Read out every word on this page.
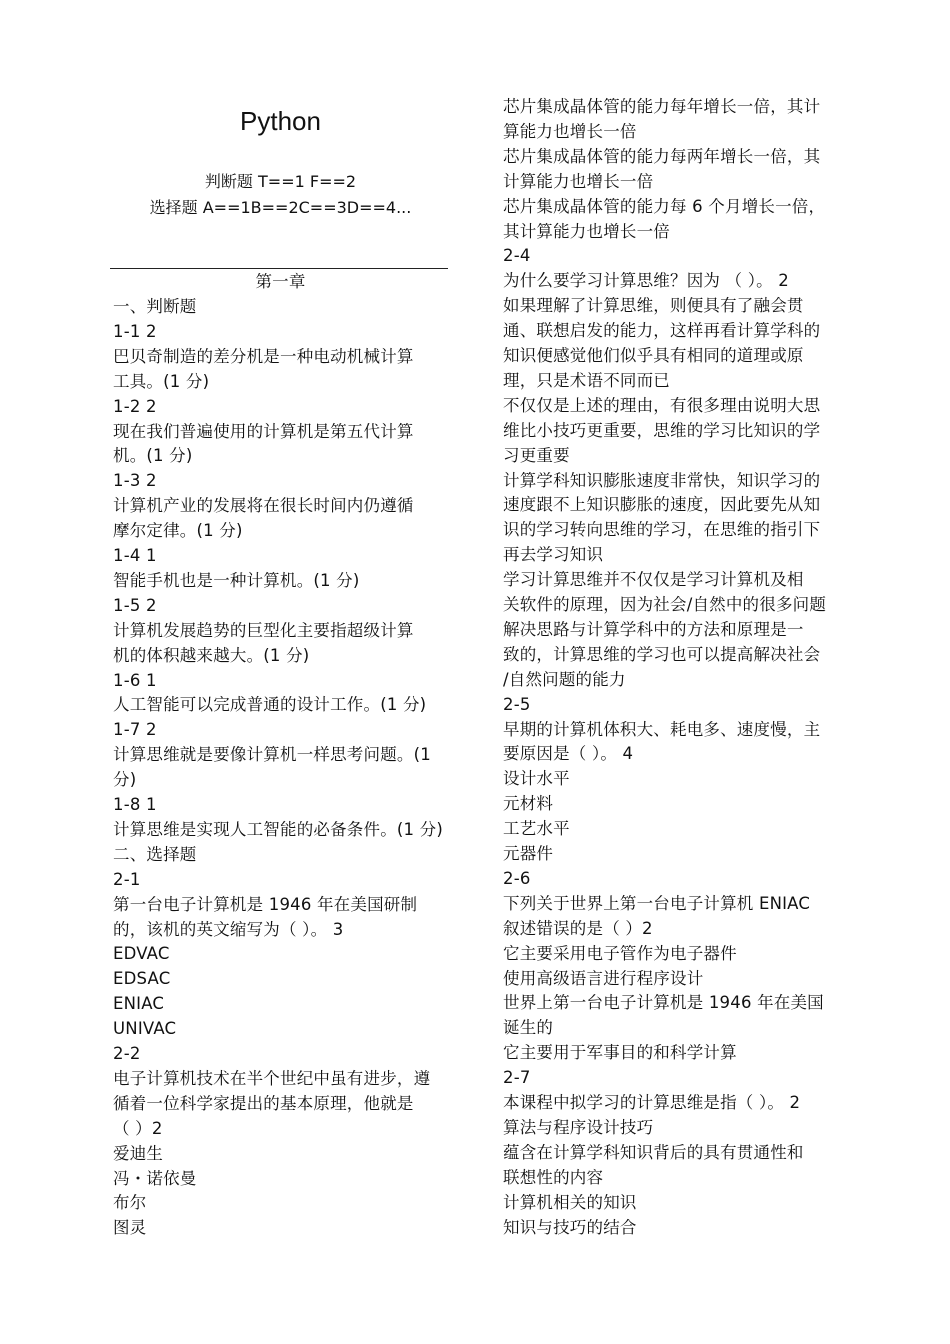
Python
判断题 T==1 F==2
选择题 A==1B==2C==3D==4...
第一章
一、判断题
1-1 2
巴贝奇制造的差分机是一种电动机械计算
工具。(1 分)
1-2 2
现在我们普遍使用的计算机是第五代计算
机。(1 分)
1-3 2
计算机产业的发展将在很长时间内仍遵循
摩尔定律。(1 分)
1-4 1
智能手机也是一种计算机。(1 分)
1-5 2
计算机发展趋势的巨型化主要指超级计算
机的体积越来越大。(1 分)
1-6 1
人工智能可以完成普通的设计工作。(1 分)
1-7 2
计算思维就是要像计算机一样思考问题。(1
分)
1-8 1
计算思维是实现人工智能的必备条件。(1 分)
二、选择题
2-1
第一台电子计算机是 1946 年在美国研制
的，该机的英文缩写为（ ）。 3
EDVAC
EDSAC
ENIAC
UNIVAC
2-2
电子计算机技术在半个世纪中虽有进步，遵
循着一位科学家提出的基本原理，他就是
（ ）2
爱迪生
冯・诺依曼
布尔
图灵
芯片集成晶体管的能力每年增长一倍，其计
算能力也增长一倍
芯片集成晶体管的能力每两年增长一倍，其
计算能力也增长一倍
芯片集成晶体管的能力每 6 个月增长一倍，
其计算能力也增长一倍
2-4
为什么要学习计算思维？因为 （ ）。 2
如果理解了计算思维，则便具有了融会贯
通、联想启发的能力，这样再看计算学科的
知识便感觉他们似乎具有相同的道理或原
理，只是术语不同而已
不仅仅是上述的理由，有很多理由说明大思
维比小技巧更重要，思维的学习比知识的学
习更重要
计算学科知识膨胀速度非常快，知识学习的
速度跟不上知识膨胀的速度，因此要先从知
识的学习转向思维的学习，在思维的指引下
再去学习知识
学习计算思维并不仅仅是学习计算机及相
关软件的原理，因为社会/自然中的很多问题
解决思路与计算学科中的方法和原理是一
致的，计算思维的学习也可以提高解决社会
/自然问题的能力
2-5
早期的计算机体积大、耗电多、速度慢，主
要原因是（ ）。 4
设计水平
元材料
工艺水平
元器件
2-6
下列关于世界上第一台电子计算机 ENIAC
叙述错误的是（ ）2
它主要采用电子管作为电子器件
使用高级语言进行程序设计
世界上第一台电子计算机是 1946 年在美国
诞生的
它主要用于军事目的和科学计算
2-7
本课程中拟学习的计算思维是指（ ）。 2
算法与程序设计技巧
蕴含在计算学科知识背后的具有贯通性和
联想性的内容
计算机相关的知识
知识与技巧的结合
